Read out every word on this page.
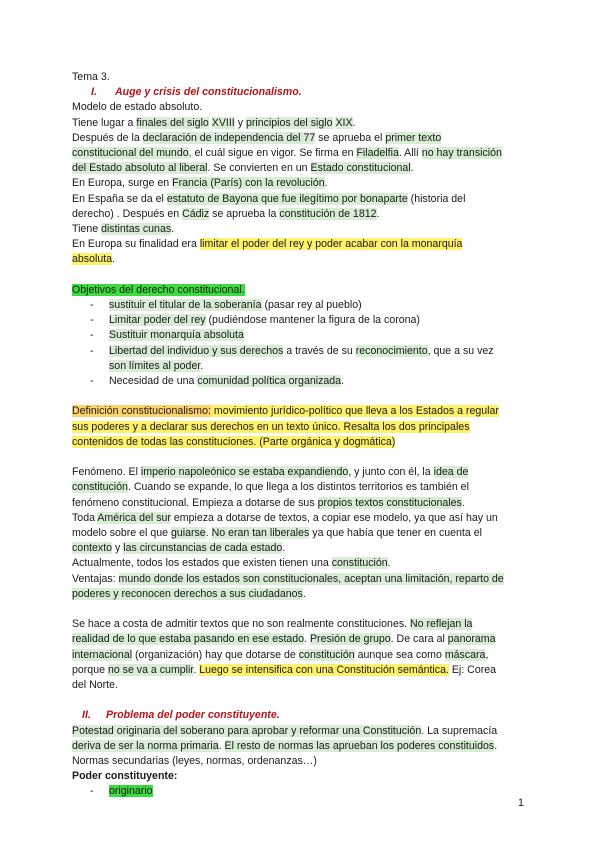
Tema 3.
I. Auge y crisis del constitucionalismo.
Modelo de estado absoluto.
Tiene lugar a finales del siglo XVIII y principios del siglo XIX.
Después de la declaración de independencia del 77 se aprueba el primer texto
constitucional del mundo, el cuál sigue en vigor. Se firma en Filadelfia. Allí no hay transición
del Estado absoluto al liberal. Se convierten en un Estado constitucional.
En Europa, surge en Francia (París) con la revolución.
En España se da el estatuto de Bayona que fue ilegítimo por bonaparte (historia del
derecho) . Después en Cádiz se aprueba la constitución de 1812.
Tiene distintas cunas.
En Europa su finalidad era limitar el poder del rey y poder acabar con la monarquía
absoluta.
Objetivos del derecho constitucional.
- sustituir el titular de la soberanía (pasar rey al pueblo)
- Limitar poder del rey (pudiéndose mantener la figura de la corona)
- Sustituir monarquía absoluta
- Libertad del individuo y sus derechos a través de su reconocimiento, que a su vez
son límites al poder.
- Necesidad de una comunidad política organizada.
Definición constitucionalismo: movimiento jurídico-político que lleva a los Estados a regular
sus poderes y a declarar sus derechos en un texto único. Resalta los dos principales
contenidos de todas las constituciones. (Parte orgánica y dogmática)
Fenómeno. El imperio napoleónico se estaba expandiendo, y junto con él, la idea de
constitución. Cuando se expande, lo que llega a los distintos territorios es también el
fenómeno constitucional. Empieza a dotarse de sus propios textos constitucionales.
Toda América del sur empieza a dotarse de textos, a copiar ese modelo, ya que así hay un
modelo sobre el que guiarse. No eran tan liberales ya que había que tener en cuenta el
contexto y las circunstancias de cada estado.
Actualmente, todos los estados que existen tienen una constitución.
Ventajas: mundo donde los estados son constitucionales, aceptan una limitación, reparto de
poderes y reconocen derechos a sus ciudadanos.
Se hace a costa de admitir textos que no son realmente constituciones. No reflejan la
realidad de lo que estaba pasando en ese estado. Presión de grupo. De cara al panorama
internacional (organización) hay que dotarse de constitución aunque sea como máscara,
porque no se va a cumplir. Luego se intensifica con una Constitución semántica. Ej: Corea
del Norte.
II. Problema del poder constituyente.
Potestad originaria del soberano para aprobar y reformar una Constitución. La supremacía
deriva de ser la norma primaria. El resto de normas las aprueban los poderes constituidos.
Normas secundarias (leyes, normas, ordenanzas…)
Poder constituyente:
- originario
1
